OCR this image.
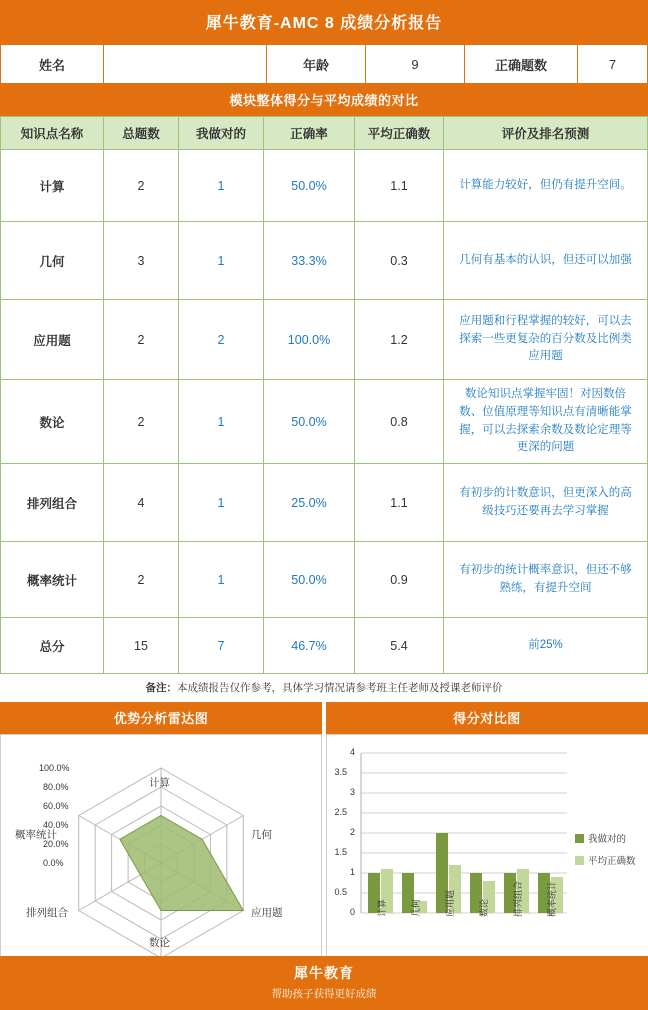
犀牛教育-AMC 8 成绩分析报告
姓名		年龄	9	正确题数	7
模块整体得分与平均成绩的对比
知识点名称	总题数	我做对的	正确率	平均正确数	评价及排名预测
计算	2	1	50.0%	1.1	计算能力较好，但仍有提升空间。
几何	3	1	33.3%	0.3	几何有基本的认识，但还可以加强
应用题	2	2	100.0%	1.2	应用题和行程掌握的较好，可以去探索一些更复杂的百分数及比例类应用题
数论	2	1	50.0%	0.8	数论知识点掌握牢固！对因数倍数、位值原理等知识点有清晰能掌握，可以去探索余数及数论定理等更深的问题
排列组合	4	1	25.0%	1.1	有初步的计数意识，但更深入的高级技巧还要再去学习掌握
概率统计	2	1	50.0%	0.9	有初步的统计概率意识，但还不够熟练，有提升空间
总分	15	7	46.7%	5.4	前25%
备注：本成绩报告仅作参考，具体学习情况请参考班主任老师及授课老师评价
优势分析雷达图	得分对比图
计算
几何
应用题
数论
排列组合
概率统计
0.0%
20.0%
40.0%
60.0%
80.0%
100.0%
0
0.5
1
1.5
2
2.5
3
3.5
4
计算	几何	应用题	数论	排列组合	概率统计
我做对的
平均正确数
犀牛教育
帮助孩子获得更好成绩
